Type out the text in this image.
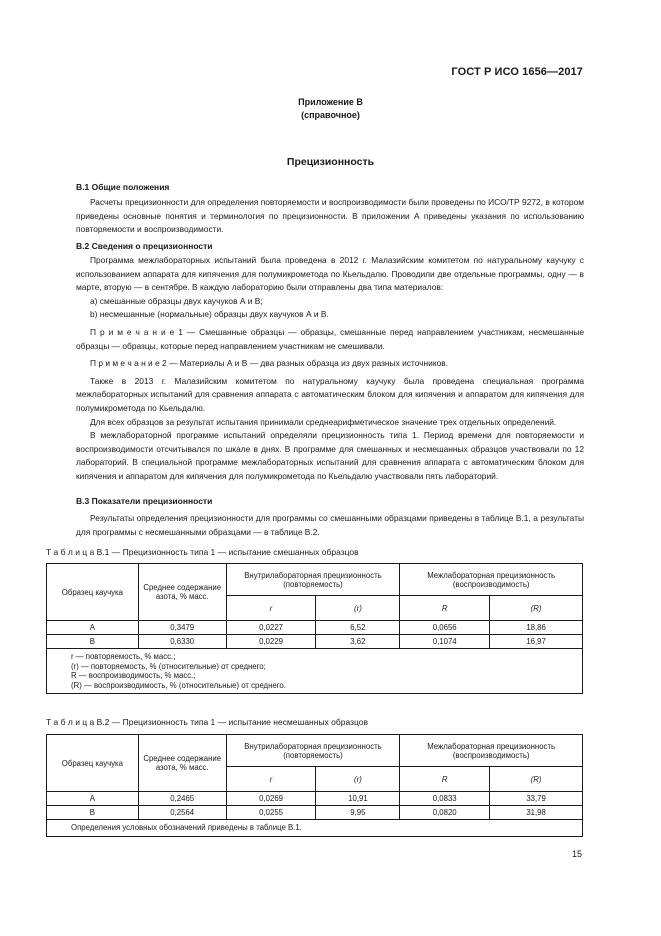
ГОСТ Р ИСО 1656—2017
Приложение В
(справочное)
Прецизионность
В.1 Общие положения

Расчеты прецизионности для определения повторяемости и воспроизводимости были проведены по ИСО/ТР 9272, в котором приведены основные понятия и терминология по прецизионности. В приложении А приведены указания по использованию повторяемости и воспроизводимости.

В.2 Сведения о прецизионности

Программа межлабораторных испытаний была проведена в 2012 г. Малазийским комитетом по натуральному каучуку с использованием аппарата для кипячения для полумикрометода по Кьельдалю. Проводили две отдельные программы, одну — в марте, вторую — в сентябре. В каждую лабораторию были отправлены два типа материалов:

a) смешанные образцы двух каучуков А и В;

b) несмешанные (нормальные) образцы двух каучуков А и В.

П р и м е ч а н и е 1 — Смешанные образцы — образцы, смешанные перед направлением участникам, несмешанные образцы — образцы, которые перед направлением участникам не смешивали.

П р и м е ч а н и е 2 — Материалы А и В — два разных образца из двух разных источников.

Также в 2013 г. Малазийским комитетом по натуральному каучуку была проведена специальная программа межлабораторных испытаний для сравнения аппарата с автоматическим блоком для кипячения и аппаратом для кипячения для полумикрометода по Кьельдалю.

Для всех образцов за результат испытания принимали среднеарифметическое значение трех отдельных определений.

В межлабораторной программе испытаний определяли прецизионность типа 1. Период времени для повторяемости и воспроизводимости отсчитывался по шкале в днях. В программе для смешанных и несмешанных образцов участвовали по 12 лабораторий. В специальной программе межлабораторных испытаний для сравнения аппарата с автоматическим блоком для кипячения и аппаратом для кипячения для полумикрометода по Кьельдалю участвовали пять лабораторий.

В.3 Показатели прецизионности

Результаты определения прецизионности для программы со смешанными образцами приведены в таблице В.1, а результаты для программы с несмешанными образцами — в таблице В.2.

Т а б л и ц а В.1 — Прецизионность типа 1 — испытание смешанных образцов
Образец каучука	Среднее содержание азота, % масс.	Внутрилабораторная прецизионность (повторяемость)		Межлабораторная прецизионность (воспроизводимость)	
		r	(r)	R	(R)
A	0,3479	0,0227	6,52	0,0656	18,86
B	0,6330	0,0229	3,62	0,1074	16,97

r — повторяемость, % масс.;
(r) — повторяемость, % (относительные) от среднего;
R — воспроизводимость, % масс.;
(R) — воспроизводимость, % (относительные) от среднего.					
Т а б л и ц а В.2 — Прецизионность типа 1 — испытание несмешанных образцов
Образец каучука	Среднее содержание азота, % масс.	Внутрилабораторная прецизионность (повторяемость)		Межлабораторная прецизионность (воспроизводимость)	
		r	(r)	R	(R)
A	0,2465	0,0269	10,91	0,0833	33,79
B	0,2564	0,0255	9,95	0,0820	31,98
Определения условных обозначений приведены в таблице В.1.					
15
